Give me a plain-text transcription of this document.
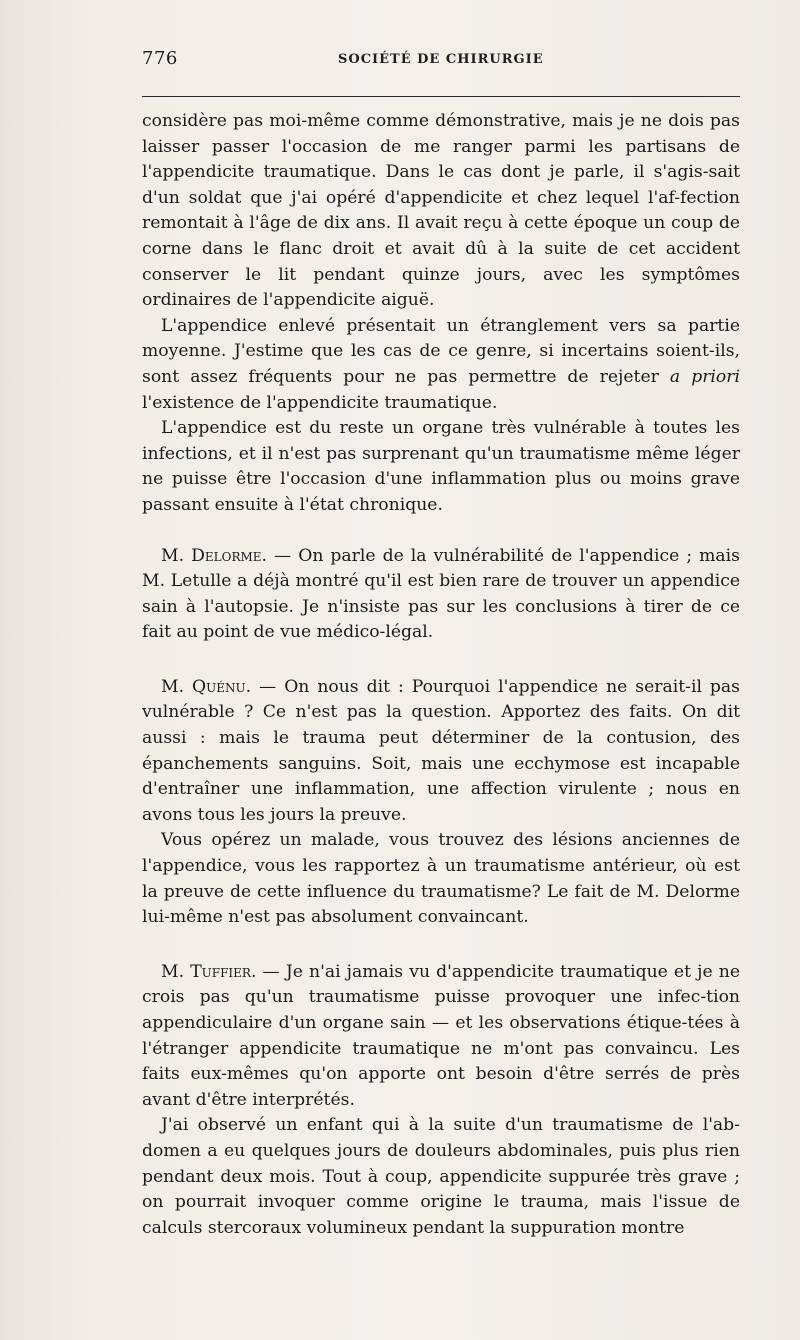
776	SOCIÉTÉ DE CHIRURGIE

considère pas moi-même comme démonstrative, mais je ne dois pas laisser passer l'occasion de me ranger parmi les partisans de l'appendicite traumatique. Dans le cas dont je parle, il s'agis-sait d'un soldat que j'ai opéré d'appendicite et chez lequel l'af-fection remontait à l'âge de dix ans. Il avait reçu à cette époque un coup de corne dans le flanc droit et avait dû à la suite de cet accident conserver le lit pendant quinze jours, avec les symptômes ordinaires de l'appendicite aiguë.

L'appendice enlevé présentait un étranglement vers sa partie moyenne. J'estime que les cas de ce genre, si incertains soient-ils, sont assez fréquents pour ne pas permettre de rejeter a priori l'existence de l'appendicite traumatique.

L'appendice est du reste un organe très vulnérable à toutes les infections, et il n'est pas surprenant qu'un traumatisme même léger ne puisse être l'occasion d'une inflammation plus ou moins grave passant ensuite à l'état chronique.

M. Delorme. — On parle de la vulnérabilité de l'appendice ; mais M. Letulle a déjà montré qu'il est bien rare de trouver un appendice sain à l'autopsie. Je n'insiste pas sur les conclusions à tirer de ce fait au point de vue médico-légal.

M. Quénu. — On nous dit : Pourquoi l'appendice ne serait-il pas vulnérable ? Ce n'est pas la question. Apportez des faits. On dit aussi : mais le trauma peut déterminer de la contusion, des épanchements sanguins. Soit, mais une ecchymose est incapable d'entraîner une inflammation, une affection virulente ; nous en avons tous les jours la preuve.

Vous opérez un malade, vous trouvez des lésions anciennes de l'appendice, vous les rapportez à un traumatisme antérieur, où est la preuve de cette influence du traumatisme? Le fait de M. Delorme lui-même n'est pas absolument convaincant.

M. Tuffier. — Je n'ai jamais vu d'appendicite traumatique et je ne crois pas qu'un traumatisme puisse provoquer une infec-tion appendiculaire d'un organe sain — et les observations étique-tées à l'étranger appendicite traumatique ne m'ont pas convaincu. Les faits eux-mêmes qu'on apporte ont besoin d'être serrés de près avant d'être interprétés.

J'ai observé un enfant qui à la suite d'un traumatisme de l'ab-domen a eu quelques jours de douleurs abdominales, puis plus rien pendant deux mois. Tout à coup, appendicite suppurée très grave ; on pourrait invoquer comme origine le trauma, mais l'issue de calculs stercoraux volumineux pendant la suppuration montre
